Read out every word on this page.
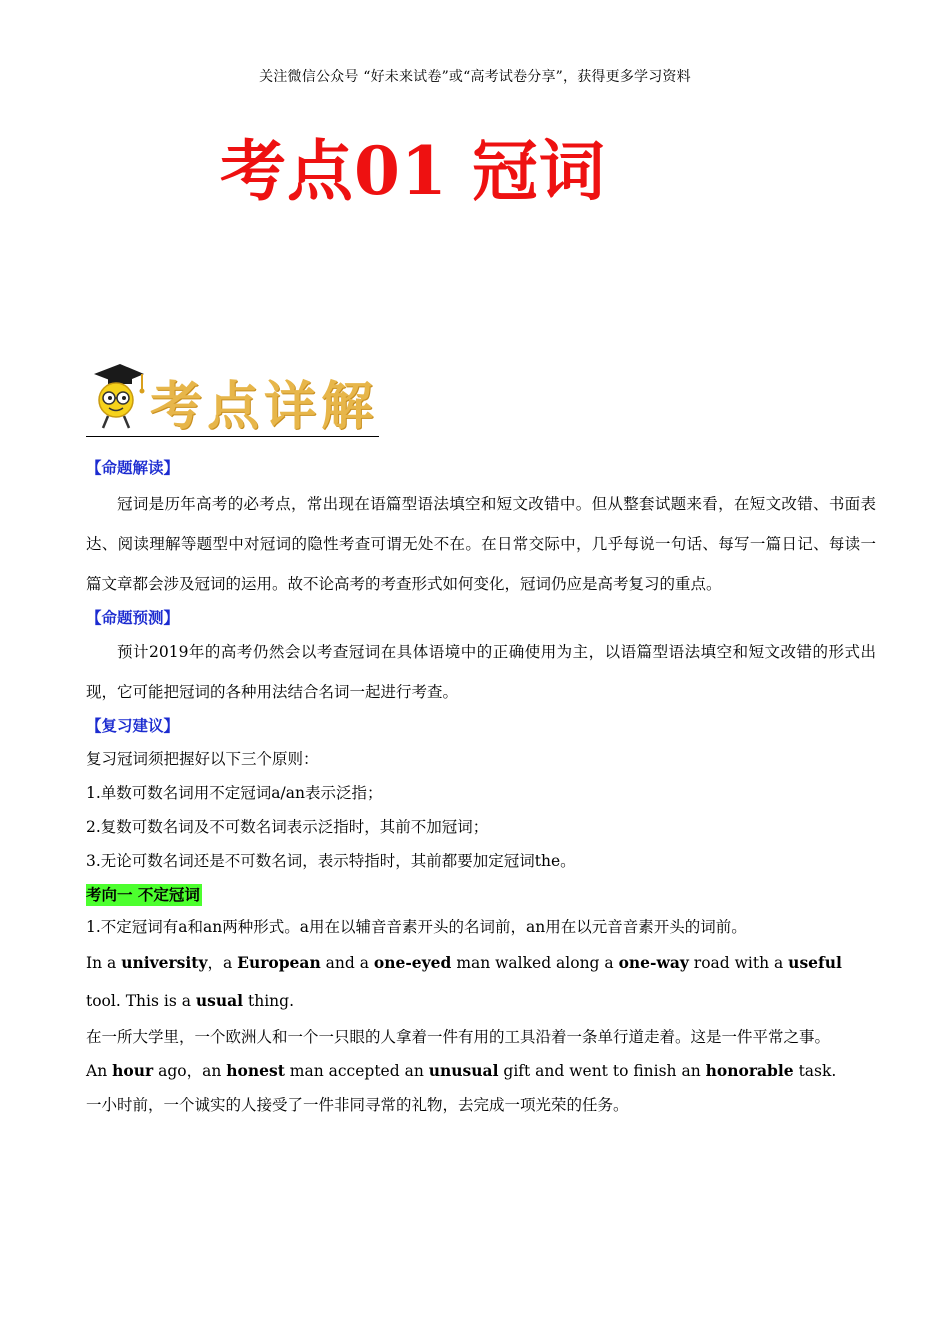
关注微信公众号 “好未来试卷”或“高考试卷分享”，获得更多学习资料
考点01 冠词
考点详解

【命题解读】

冠词是历年高考的必考点，常出现在语篇型语法填空和短文改错中。但从整套试题来看，在短文改错、书面表达、阅读理解等题型中对冠词的隐性考查可谓无处不在。在日常交际中，几乎每说一句话、每写一篇日记、每读一篇文章都会涉及冠词的运用。故不论高考的考查形式如何变化，冠词仍应是高考复习的重点。

【命题预测】

预计2019年的高考仍然会以考查冠词在具体语境中的正确使用为主，以语篇型语法填空和短文改错的形式出现，它可能把冠词的各种用法结合名词一起进行考查。

【复习建议】

复习冠词须把握好以下三个原则：

1.单数可数名词用不定冠词a/an表示泛指；

2.复数可数名词及不可数名词表示泛指时，其前不加冠词；

3.无论可数名词还是不可数名词，表示特指时，其前都要加定冠词the。

考向一 不定冠词

1.不定冠词有a和an两种形式。a用在以辅音音素开头的名词前，an用在以元音音素开头的词前。

In a university，a European and a one-eyed man walked along a one-way road with a useful tool. This is a usual thing.

在一所大学里，一个欧洲人和一个一只眼的人拿着一件有用的工具沿着一条单行道走着。这是一件平常之事。

An hour ago，an honest man accepted an unusual gift and went to finish an honorable task.

一小时前，一个诚实的人接受了一件非同寻常的礼物，去完成一项光荣的任务。
